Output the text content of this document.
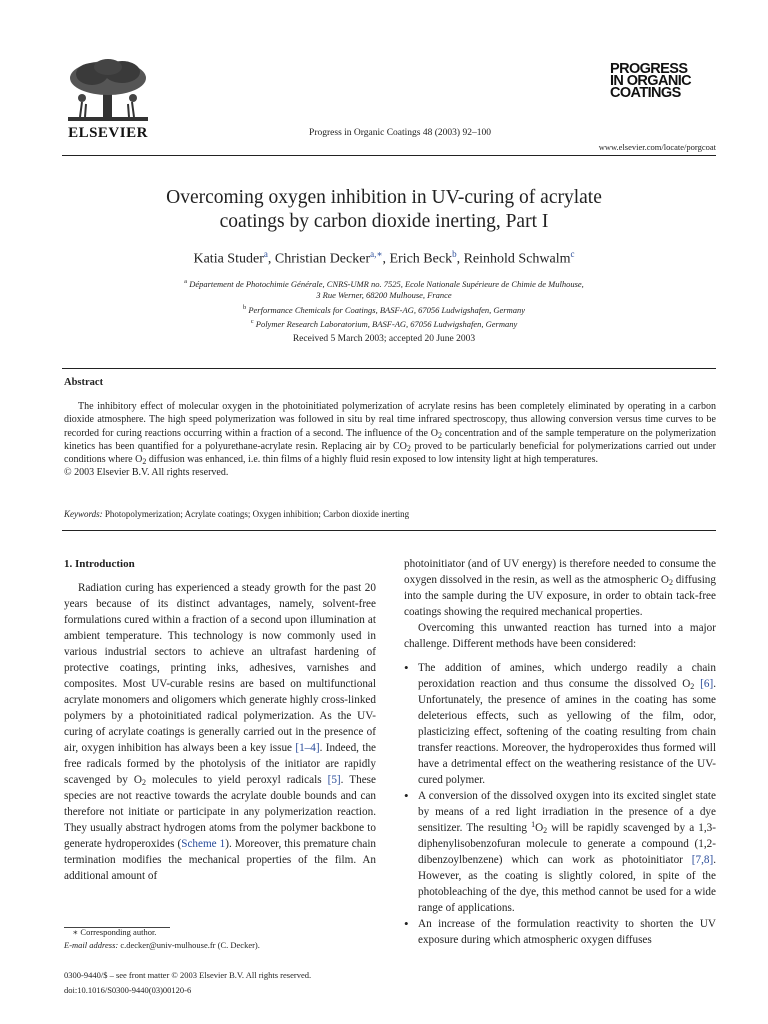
ELSEVIER	Progress in Organic Coatings 48 (2003) 92–100
PROGRESS
IN ORGANIC
COATINGS
www.elsevier.com/locate/porgcoat
Overcoming oxygen inhibition in UV-curing of acrylate
coatings by carbon dioxide inerting, Part I
Katia Studer$^a$, Christian Decker$^{a,∗}$, Erich Beck$^b$, Reinhold Schwalm$^c$
$^a$ Département de Photochimie Générale, CNRS-UMR no. 7525, Ecole Nationale Supérieure de Chimie de Mulhouse,
3 Rue Werner, 68200 Mulhouse, France
$^b$ Performance Chemicals for Coatings, BASF-AG, 67056 Ludwigshafen, Germany
$^c$ Polymer Research Laboratorium, BASF-AG, 67056 Ludwigshafen, Germany
Received 5 March 2003; accepted 20 June 2003
Abstract

The inhibitory effect of molecular oxygen in the photoinitiated polymerization of acrylate resins has been completely eliminated by operating in a carbon dioxide atmosphere. The high speed polymerization was followed in situ by real time infrared spectroscopy, thus allowing conversion versus time curves to be recorded for curing reactions occurring within a fraction of a second. The influence of the $O_2$ concentration and of the sample temperature on the polymerization kinetics has been quantified for a polyurethane-acrylate resin. Replacing air by $CO_2$ proved to be particularly beneficial for polymerizations carried out under conditions where $O_2$ diffusion was enhanced, i.e. thin films of a highly fluid resin exposed to low intensity light at high temperatures.

© 2003 Elsevier B.V. All rights reserved.

Keywords: Photopolymerization; Acrylate coatings; Oxygen inhibition; Carbon dioxide inerting

1. Introduction

Radiation curing has experienced a steady growth for the past 20 years because of its distinct advantages, namely, solvent-free formulations cured within a fraction of a second upon illumination at ambient temperature. This technology is now commonly used in various industrial sectors to achieve an ultrafast hardening of protective coatings, printing inks, adhesives, varnishes and composites. Most UV-curable resins are based on multifunctional acrylate monomers and oligomers which generate highly cross-linked polymers by a photoinitiated radical polymerization. As the UV-curing of acrylate coatings is generally carried out in the presence of air, oxygen inhibition has always been a key issue [1–4]. Indeed, the free radicals formed by the photolysis of the initiator are rapidly scavenged by $O_2$ molecules to yield peroxyl radicals [5]. These species are not reactive towards the acrylate double bounds and can therefore not initiate or participate in any polymerization reaction. They usually abstract hydrogen atoms from the polymer backbone to generate hydroperoxides (Scheme 1). Moreover, this premature chain termination modifies the mechanical properties of the film. An additional amount of

photoinitiator (and of UV energy) is therefore needed to consume the oxygen dissolved in the resin, as well as the atmospheric $O_2$ diffusing into the sample during the UV exposure, in order to obtain tack-free coatings showing the required mechanical properties.

Overcoming this unwanted reaction has turned into a major challenge. Different methods have been considered:

• The addition of amines, which undergo readily a chain peroxidation reaction and thus consume the dissolved $O_2$ [6]. Unfortunately, the presence of amines in the coating has some deleterious effects, such as yellowing of the film, odor, plasticizing effect, softening of the coating resulting from chain transfer reactions. Moreover, the hydroperoxides thus formed will have a detrimental effect on the weathering resistance of the UV-cured polymer.
• A conversion of the dissolved oxygen into its excited singlet state by means of a red light irradiation in the presence of a dye sensitizer. The resulting $^1O_2$ will be rapidly scavenged by a 1,3-diphenylisobenzofuran molecule to generate a compound (1,2-dibenzoylbenzene) which can work as photoinitiator [7,8]. However, as the coating is slightly colored, in spite of the photobleaching of the dye, this method cannot be used for a wide range of applications.
• An increase of the formulation reactivity to shorten the UV exposure during which atmospheric oxygen diffuses

 ∗ Corresponding author.

E-mail address: c.decker@univ-mulhouse.fr (C. Decker).

0300-9440/$ – see front matter © 2003 Elsevier B.V. All rights reserved.
doi:10.1016/S0300-9440(03)00120-6
